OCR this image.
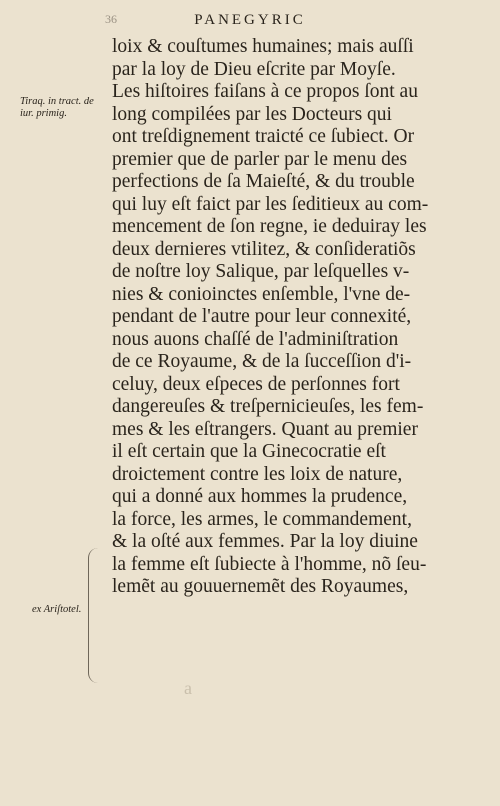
36	PANEGYRIC
Tiraq. in tract. de iur. primig.
ex Ariſtotel.
loix & couſtumes humaines; mais auſſi
par la loy de Dieu eſcrite par Moyſe.
Les hiſtoires faiſans à ce propos ſont au
long compilées par les Docteurs qui
ont treſdignement traicté ce ſubiect. Or
premier que de parler par le menu des
perfections de ſa Maieſté, & du trouble
qui luy eſt faict par les ſeditieux au com-
mencement de ſon regne, ie deduiray les
deux dernieres vtilitez, & conſideratiõs
de noſtre loy Salique, par leſquelles v-
nies & conioinctes enſemble, l'vne de-
pendant de l'autre pour leur connexité,
nous auons chaſſé de l'adminiſtration
de ce Royaume, & de la ſucceſſion d'i-
celuy, deux eſpeces de perſonnes fort
dangereuſes & treſpernicieuſes, les fem-
mes & les eſtrangers. Quant au premier
il eſt certain que la Ginecocratie eſt
droictement contre les loix de nature,
qui a donné aux hommes la prudence,
la force, les armes, le commandement,
& la oſté aux femmes. Par la loy diuine
la femme eſt ſubiecte à l'homme, nõ ſeu-
lemẽt au gouuernemẽt des Royaumes,
a
